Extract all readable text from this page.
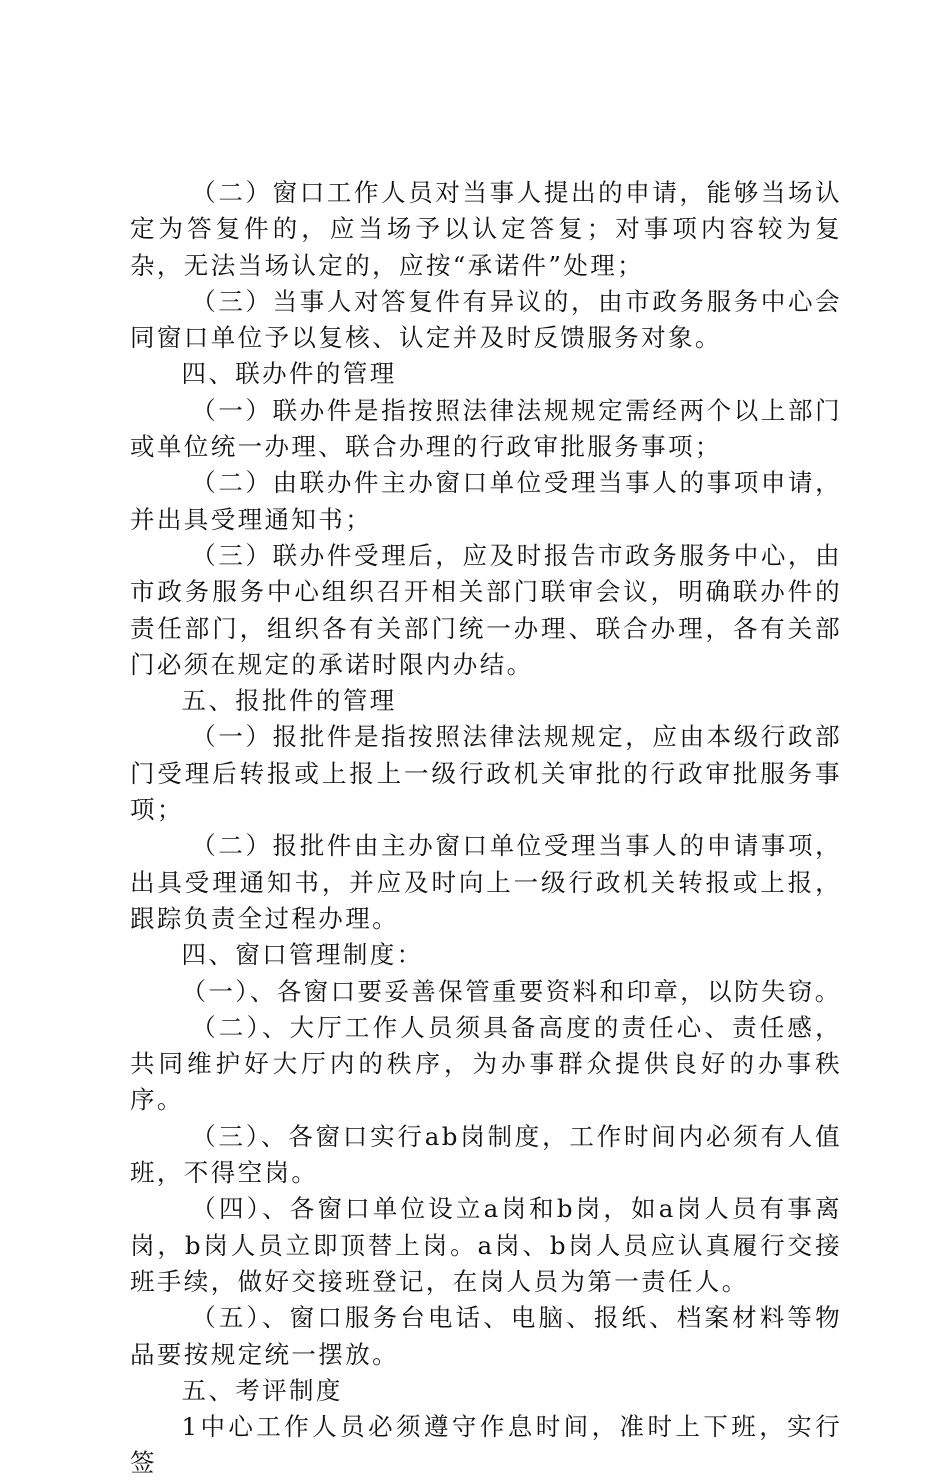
（二）窗口工作人员对当事人提出的申请，能够当场认定为答复件的，应当场予以认定答复；对事项内容较为复杂，无法当场认定的，应按“承诺件”处理；

（三）当事人对答复件有异议的，由市政务服务中心会同窗口单位予以复核、认定并及时反馈服务对象。

四、联办件的管理

（一）联办件是指按照法律法规规定需经两个以上部门或单位统一办理、联合办理的行政审批服务事项；

（二）由联办件主办窗口单位受理当事人的事项申请，并出具受理通知书；

（三）联办件受理后，应及时报告市政务服务中心，由市政务服务中心组织召开相关部门联审会议，明确联办件的责任部门，组织各有关部门统一办理、联合办理，各有关部门必须在规定的承诺时限内办结。

五、报批件的管理

（一）报批件是指按照法律法规规定，应由本级行政部门受理后转报或上报上一级行政机关审批的行政审批服务事项；

（二）报批件由主办窗口单位受理当事人的申请事项，出具受理通知书，并应及时向上一级行政机关转报或上报，跟踪负责全过程办理。

四、窗口管理制度：

（一）、各窗口要妥善保管重要资料和印章，以防失窃。

（二）、大厅工作人员须具备高度的责任心、责任感，共同维护好大厅内的秩序，为办事群众提供良好的办事秩序。

（三）、各窗口实行ab岗制度，工作时间内必须有人值班，不得空岗。

（四）、各窗口单位设立a岗和b岗，如a岗人员有事离岗，b岗人员立即顶替上岗。a岗、b岗人员应认真履行交接班手续，做好交接班登记，在岗人员为第一责任人。

（五）、窗口服务台电话、电脑、报纸、档案材料等物品要按规定统一摆放。

五、考评制度

1中心工作人员必须遵守作息时间，准时上下班，实行签
